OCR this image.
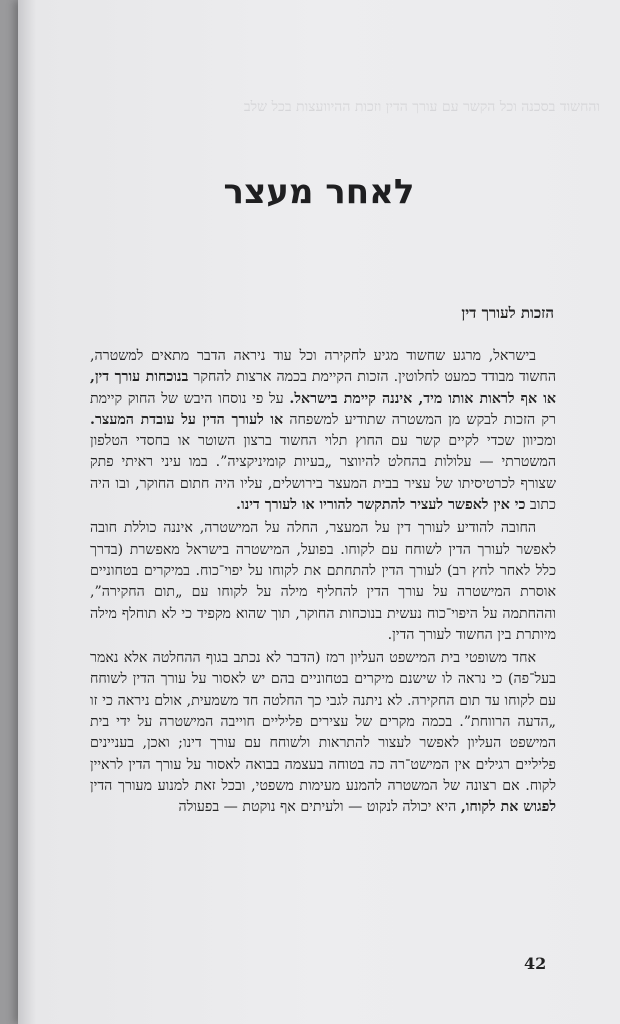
והחשוד בסכנה וכל הקשר עם עורך הדין וזכות ההיוועצות בכל שלב
לאחר מעצר
הזכות לעורך דין

בישראל, מרגע שחשוד מגיע לחקירה וכל עוד ניראה הדבר מתאים למשטרה, החשוד מבודד כמעט לחלוטין. הזכות הקיימת בכמה ארצות להחקר בנוכחות עורך דין, או אף לראות אותו מיד, איננה קיימת בישראל. על פי נוסחו היבש של החוק קיימת רק הזכות לבקש מן המשטרה שתודיע למשפחה או לעורך הדין על עובדת המעצר. ומכיוון שכדי לקיים קשר עם החוץ תלוי החשוד ברצון השוטר או בחסדי הטלפון המשטרתי — עלולות בהחלט להיווצר „בעיות קומיניקציה”. במו עיני ראיתי פתק שצורף לכרטיסיתו של עציר בבית המעצר בירושלים, עליו היה חתום החוקר, ובו היה כתוב כי אין לאפשר לעציר להתקשר להוריו או לעורך דינו.

החובה להודיע לעורך דין על המעצר, החלה על המישטרה, איננה כוללת חובה לאפשר לעורך הדין לשוחח עם לקוחו. בפועל, המישטרה בישראל מאפשרת (בדרך כלל לאחר לחץ רב) לעורך הדין להתחתם את לקוחו על יפוי־כוח. במיקרים בטחוניים אוסרת המישטרה על עורך הדין להחליף מילה על לקוחו עם „תום החקירה”, וההחתמה על היפוי־כוח נעשית בנוכחות החוקר, תוך שהוא מקפיד כי לא תוחלף מילה מיותרת בין החשוד לעורך הדין.

אחד משופטי בית המישפט העליון רמז (הדבר לא נכתב בגוף ההחלטה אלא נאמר בעל־פה) כי נראה לו שישנם מיקרים בטחוניים בהם יש לאסור על עורך הדין לשוחח עם לקוחו עד תום החקירה. לא ניתנה לגבי כך החלטה חד משמעית, אולם ניראה כי זו „הדעה הרווחת”. בכמה מקרים של עצירים פליליים חוייבה המישטרה על ידי בית המישפט העליון לאפשר לעצור להתראות ולשוחח עם עורך דינו; ואכן, בעניינים פליליים רגילים אין המישט־רה כה בטוחה בעצמה בבואה לאסור על עורך הדין לראיין לקוח. אם רצונה של המשטרה להמנע מעימות משפטי, ובכל זאת למנוע מעורך הדין לפגוש את לקוחו, היא יכולה לנקוט — ולעיתים אף נוקטת — בפעולה

42
